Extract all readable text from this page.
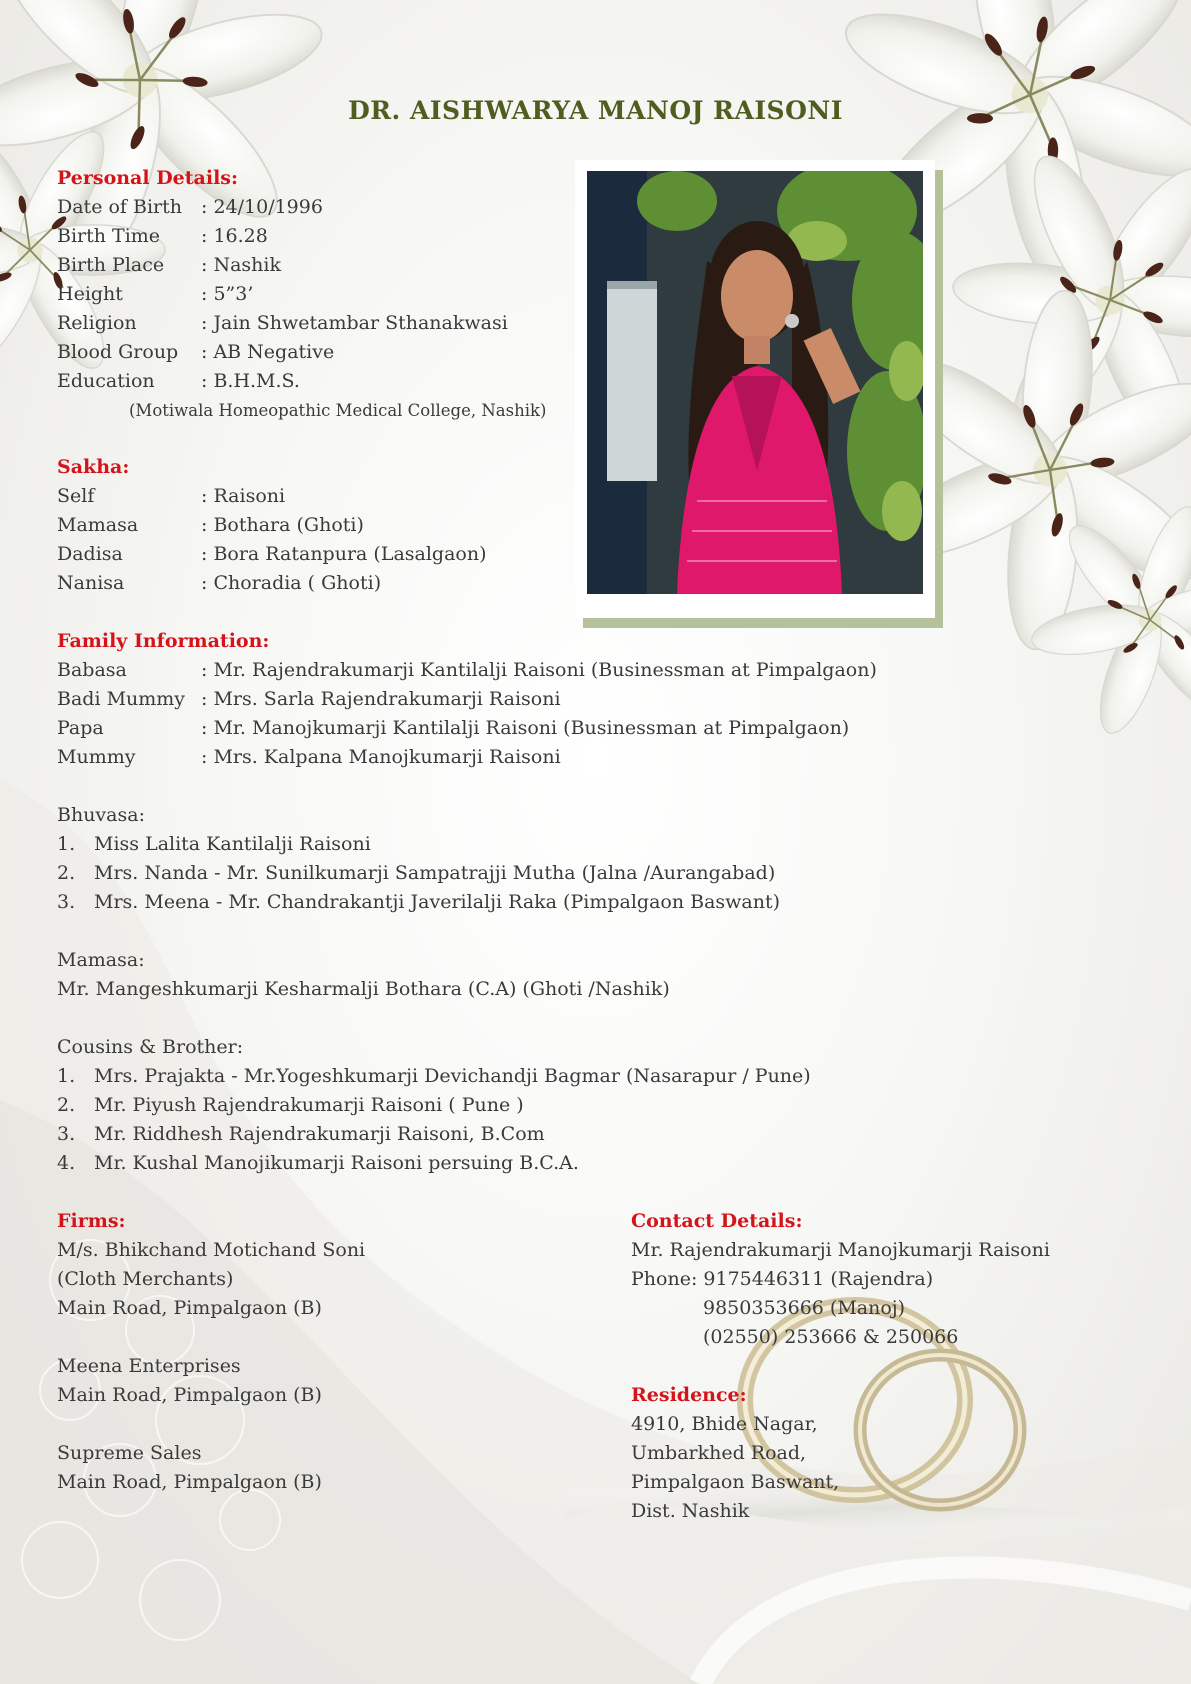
DR. AISHWARYA MANOJ RAISONI
Personal Details:
Date of Birth : 24/10/1996
Birth Time : 16.28
Birth Place : Nashik
Height	: 5”3’
Religion	: Jain Shwetambar Sthanakwasi
Blood Group : AB Negative
Education : B.H.M.S.
(Motiwala Homeopathic Medical College, Nashik)
Sakha:
Self	: Raisoni
Mamasa	: Bothara (Ghoti)
Dadisa	: Bora Ratanpura (Lasalgaon)
Nanisa	: Choradia ( Ghoti)
Family Information:
Babasa	: Mr. Rajendrakumarji Kantilalji Raisoni (Businessman at Pimpalgaon)
Badi Mummy : Mrs. Sarla Rajendrakumarji Raisoni
Papa	: Mr. Manojkumarji Kantilalji Raisoni (Businessman at Pimpalgaon)
Mummy	: Mrs. Kalpana Manojkumarji Raisoni
Bhuvasa:
1. Miss Lalita Kantilalji Raisoni
2. Mrs. Nanda - Mr. Sunilkumarji Sampatrajji Mutha (Jalna /Aurangabad)
3. Mrs. Meena - Mr. Chandrakantji Javerilalji Raka (Pimpalgaon Baswant)
Mamasa:
Mr. Mangeshkumarji Kesharmalji Bothara (C.A) (Ghoti /Nashik)
Cousins & Brother:
1. Mrs. Prajakta - Mr.Yogeshkumarji Devichandji Bagmar (Nasarapur / Pune)
2. Mr. Piyush Rajendrakumarji Raisoni ( Pune )
3. Mr. Riddhesh Rajendrakumarji Raisoni, B.Com
4. Mr. Kushal Manojikumarji Raisoni persuing B.C.A.
Firms:
M/s. Bhikchand Motichand Soni
(Cloth Merchants)
Main Road, Pimpalgaon (B)

Meena Enterprises
Main Road, Pimpalgaon (B)

Supreme Sales
Main Road, Pimpalgaon (B)
Contact Details:
Mr. Rajendrakumarji Manojkumarji Raisoni
Phone: 9175446311 (Rajendra)
9850353666 (Manoj)
(02550) 253666 & 250066
Residence:
4910, Bhide Nagar,
Umbarkhed Road,
Pimpalgaon Baswant,
Dist. Nashik
